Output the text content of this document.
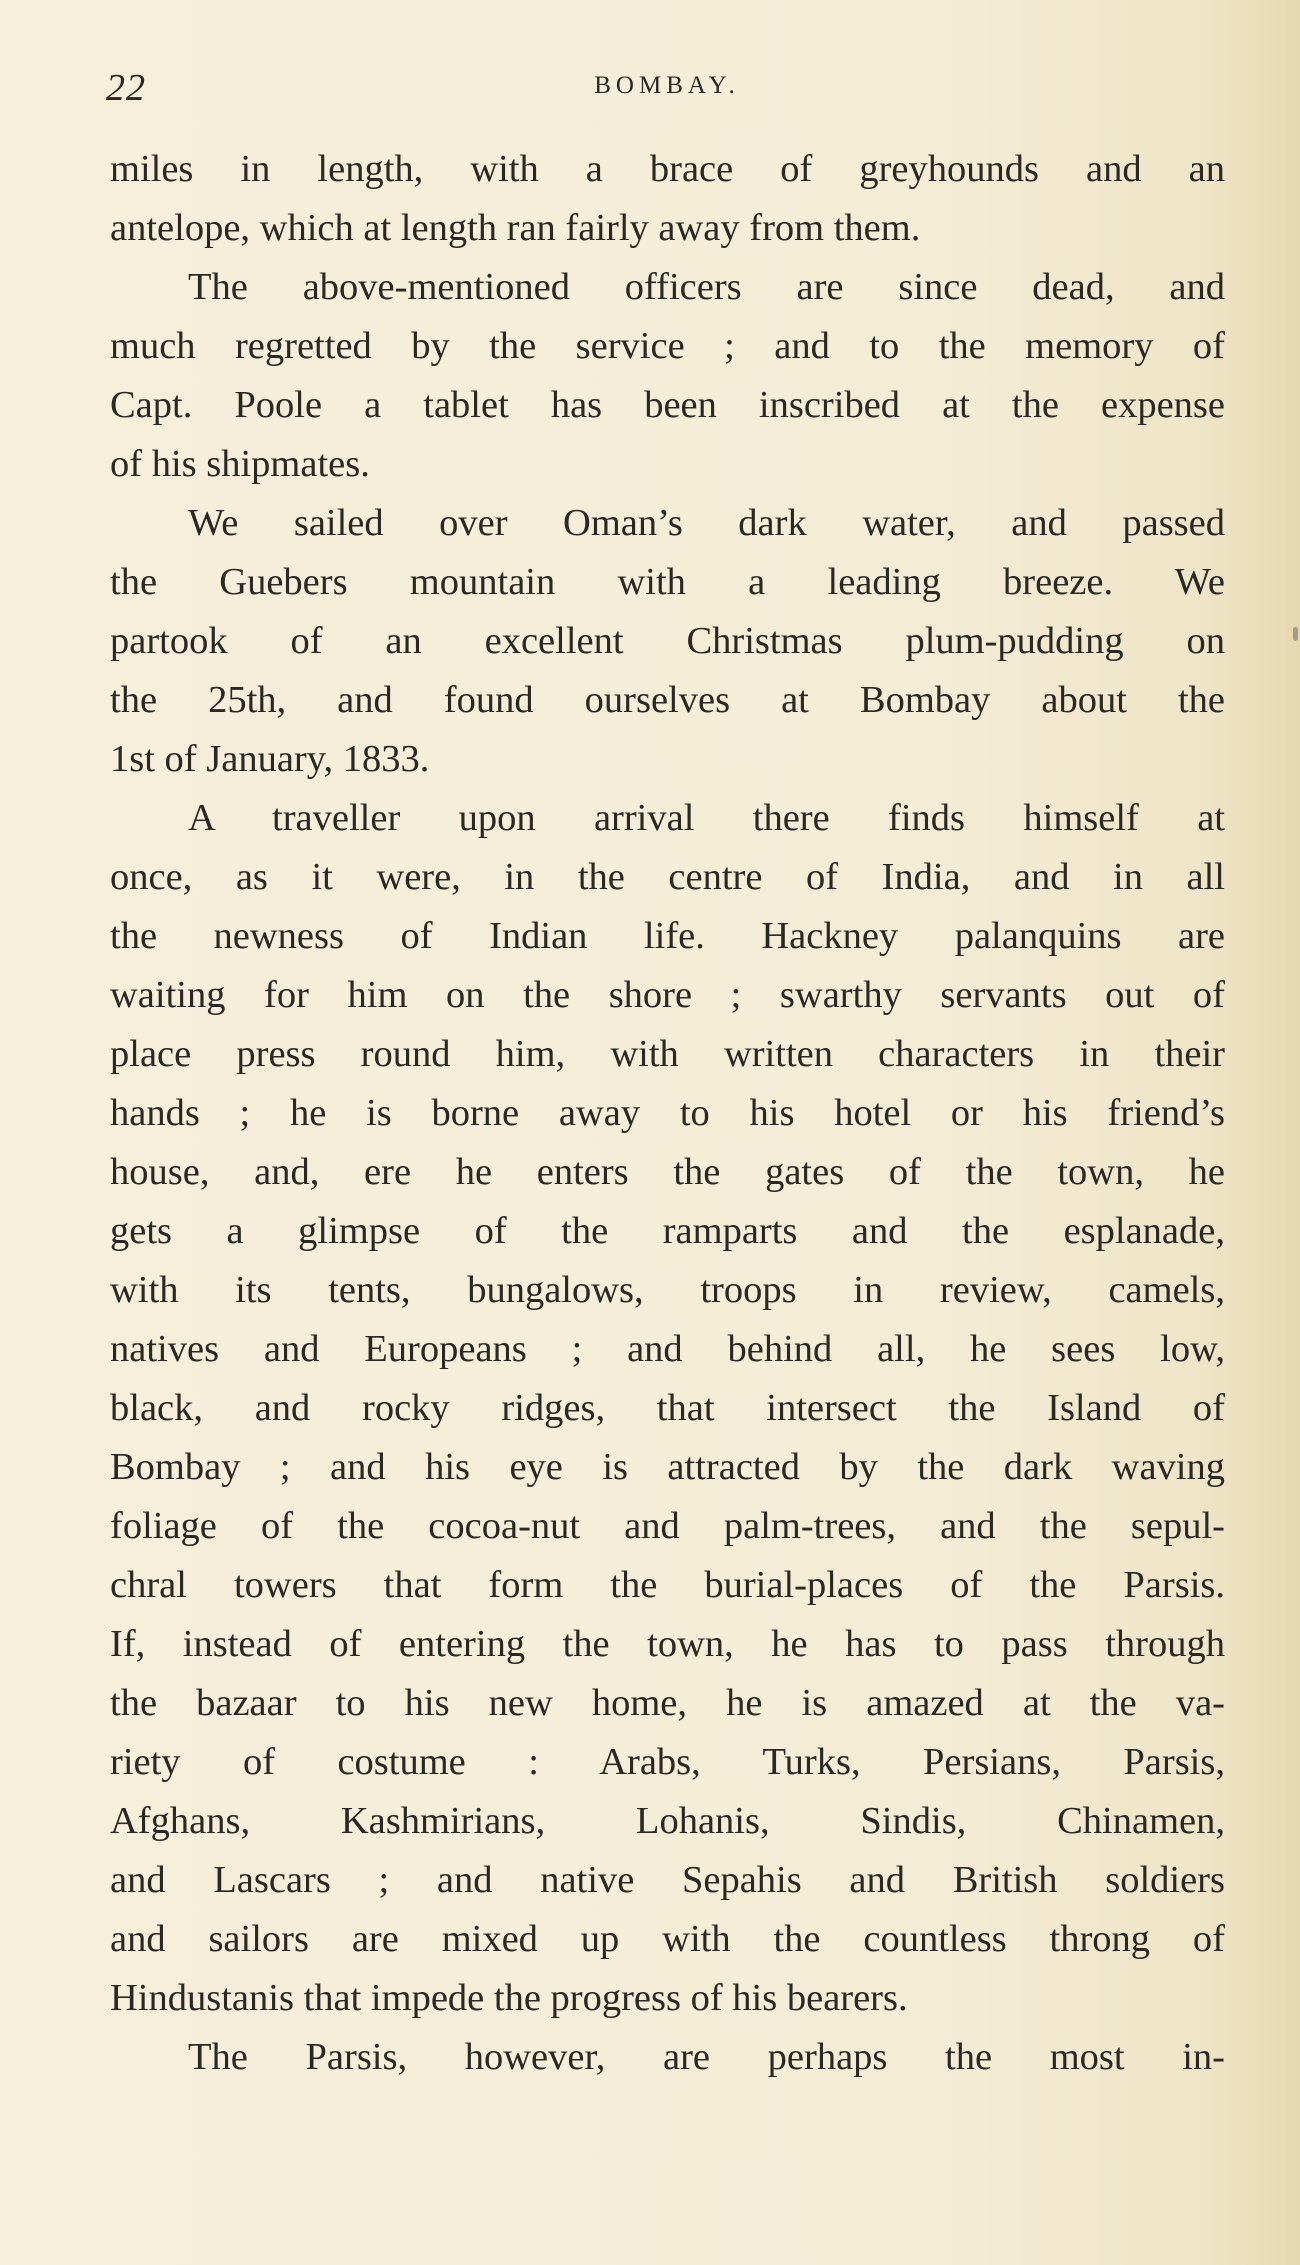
22	BOMBAY.
miles in length, with a brace of greyhounds and an
antelope, which at length ran fairly away from them.
The above-mentioned officers are since dead, and
much regretted by the service ; and to the memory of
Capt. Poole a tablet has been inscribed at the expense
of his shipmates.
We sailed over Oman’s dark water, and passed
the Guebers mountain with a leading breeze. We
partook of an excellent Christmas plum-pudding on
the 25th, and found ourselves at Bombay about the
1st of January, 1833.
A traveller upon arrival there finds himself at
once, as it were, in the centre of India, and in all
the newness of Indian life. Hackney palanquins are
waiting for him on the shore ; swarthy servants out of
place press round him, with written characters in their
hands ; he is borne away to his hotel or his friend’s
house, and, ere he enters the gates of the town, he
gets a glimpse of the ramparts and the esplanade,
with its tents, bungalows, troops in review, camels,
natives and Europeans ; and behind all, he sees low,
black, and rocky ridges, that intersect the Island of
Bombay ; and his eye is attracted by the dark waving
foliage of the cocoa-nut and palm-trees, and the sepul-
chral towers that form the burial-places of the Parsis.
If, instead of entering the town, he has to pass through
the bazaar to his new home, he is amazed at the va-
riety of costume : Arabs, Turks, Persians, Parsis,
Afghans, Kashmirians, Lohanis, Sindis, Chinamen,
and Lascars ; and native Sepahis and British soldiers
and sailors are mixed up with the countless throng of
Hindustanis that impede the progress of his bearers.
The Parsis, however, are perhaps the most in-
